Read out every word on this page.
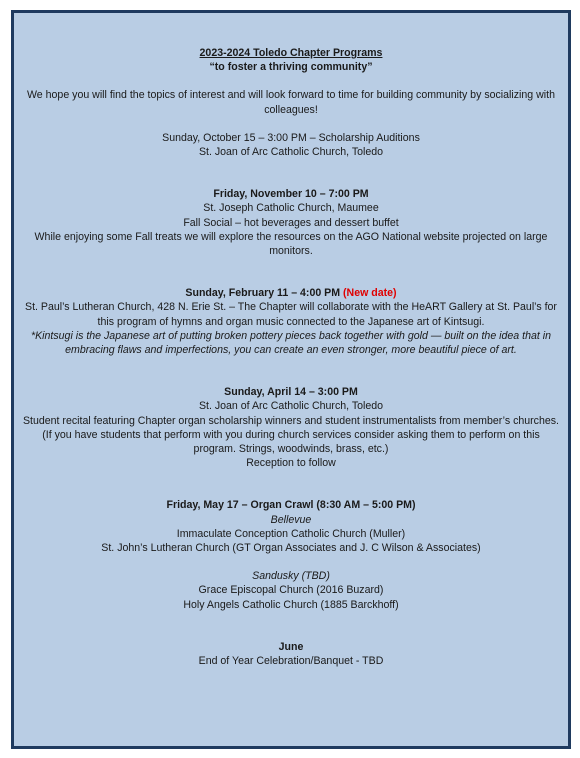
2023-2024 Toledo Chapter Programs
“to foster a thriving community”
We hope you will find the topics of interest and will look forward to time for building community by socializing with colleagues!
Sunday, October 15 – 3:00 PM – Scholarship Auditions
St. Joan of Arc Catholic Church, Toledo
Friday, November 10 – 7:00 PM
St. Joseph Catholic Church, Maumee
Fall Social – hot beverages and dessert buffet
While enjoying some Fall treats we will explore the resources on the AGO National website projected on large monitors.
Sunday, February 11 – 4:00 PM (New date)
St. Paul’s Lutheran Church, 428 N. Erie St. – The Chapter will collaborate with the HeART Gallery at St. Paul’s for this program of hymns and organ music connected to the Japanese art of Kintsugi.
*Kintsugi is the Japanese art of putting broken pottery pieces back together with gold — built on the idea that in embracing flaws and imperfections, you can create an even stronger, more beautiful piece of art.
Sunday, April 14 – 3:00 PM
St. Joan of Arc Catholic Church, Toledo
Student recital featuring Chapter organ scholarship winners and student instrumentalists from member’s churches. (If you have students that perform with you during church services consider asking them to perform on this program. Strings, woodwinds, brass, etc.)
Reception to follow
Friday, May 17 – Organ Crawl (8:30 AM – 5:00 PM)
Bellevue
Immaculate Conception Catholic Church (Muller)
St. John’s Lutheran Church (GT Organ Associates and J. C Wilson & Associates)
Sandusky (TBD)
Grace Episcopal Church (2016 Buzard)
Holy Angels Catholic Church (1885 Barckhoff)
June
End of Year Celebration/Banquet - TBD
